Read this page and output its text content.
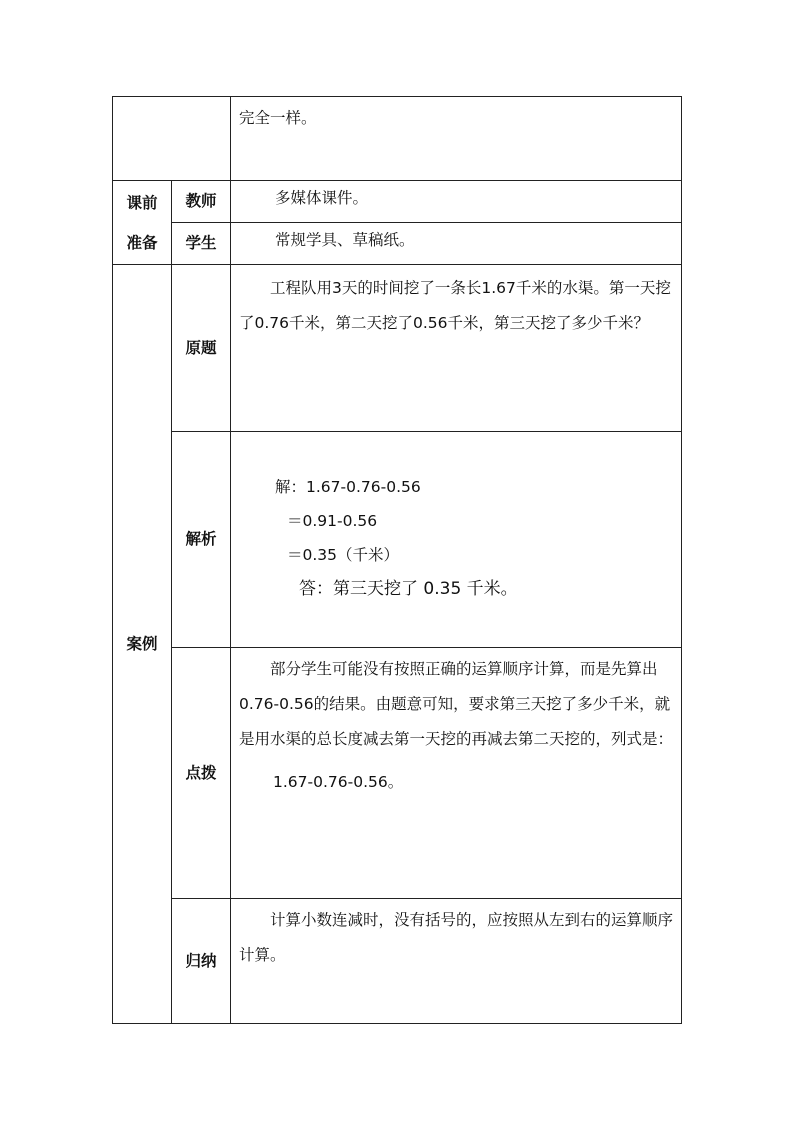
		完全一样。

课前
准备	教师	多媒体课件。

	学生	常规学具、草稿纸。

案例	原题	工程队用3天的时间挖了一条长1.67千米的水渠。第一天挖了0.76千米，第二天挖了0.56千米，第三天挖了多少千米？

	解析	解：1.67-0.76-0.56

＝0.91-0.56

＝0.35（千米）

答：第三天挖了 0.35 千米。

	点拨	部分学生可能没有按照正确的运算顺序计算，而是先算出0.76-0.56的结果。由题意可知，要求第三天挖了多少千米，就是用水渠的总长度减去第一天挖的再减去第二天挖的，列式是：

1.67-0.76-0.56。

	归纳	计算小数连减时，没有括号的，应按照从左到右的运算顺序计算。
